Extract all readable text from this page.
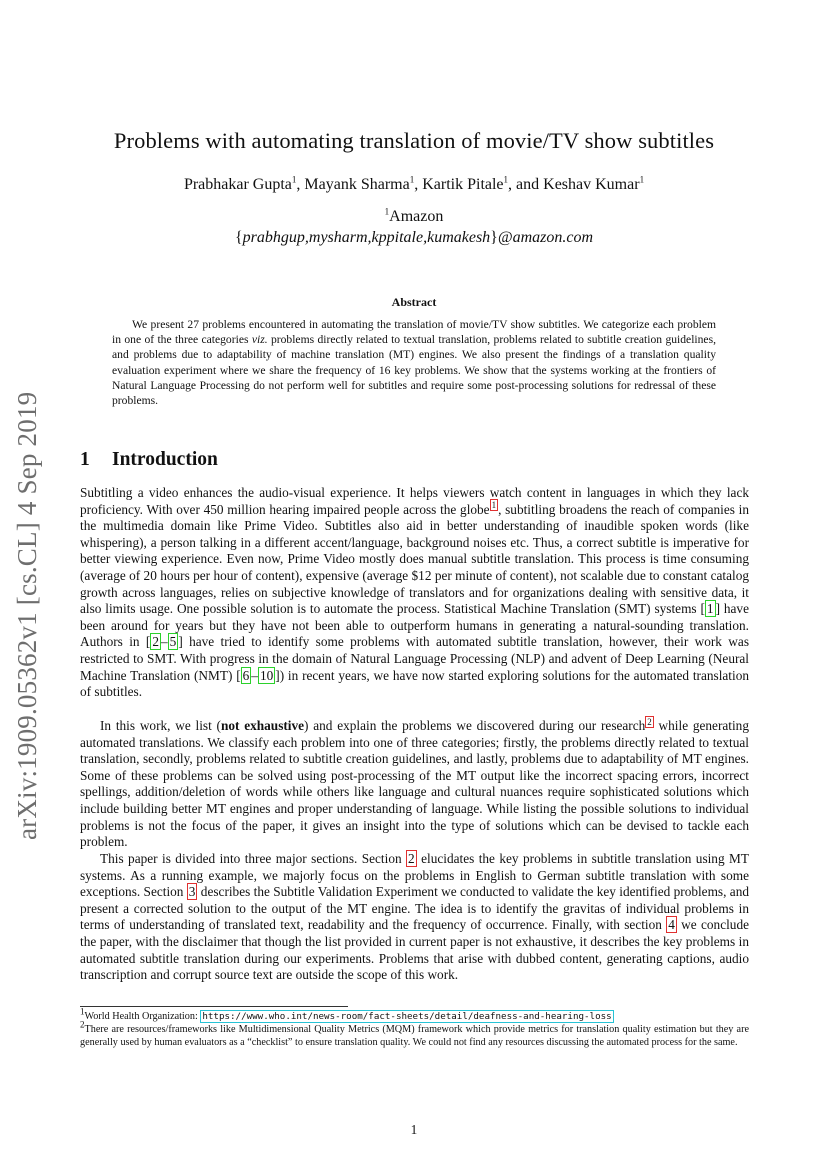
arXiv:1909.05362v1 [cs.CL] 4 Sep 2019
Problems with automating translation of movie/TV show subtitles
Prabhakar Gupta$^1$, Mayank Sharma$^1$, Kartik Pitale$^1$, and Keshav Kumar$^1$
$^1$Amazon
{prabhgup,mysharm,kppitale,kumakesh}@amazon.com
Abstract
We present 27 problems encountered in automating the translation of movie/TV show subtitles. We categorize each problem in one of the three categories viz. problems directly related to textual translation, problems related to subtitle creation guidelines, and problems due to adaptability of machine translation (MT) engines. We also present the findings of a translation quality evaluation experiment where we share the frequency of 16 key problems. We show that the systems working at the frontiers of Natural Language Processing do not perform well for subtitles and require some post-processing solutions for redressal of these problems.
1 Introduction
Subtitling a video enhances the audio-visual experience. It helps viewers watch content in languages in which they lack proficiency. With over 450 million hearing impaired people across the globe $^1$ , subtitling broadens the reach of companies in the multimedia domain like Prime Video. Subtitles also aid in better understanding of inaudible spoken words (like whispering), a person talking in a different accent/language, background noises etc. Thus, a correct subtitle is imperative for better viewing experience. Even now, Prime Video mostly does manual subtitle translation. This process is time consuming (average of 20 hours per hour of content), expensive (average $12 per minute of content), not scalable due to constant catalog growth across languages, relies on subjective knowledge of translators and for organizations dealing with sensitive data, it also limits usage. One possible solution is to automate the process. Statistical Machine Translation (SMT) systems [ 1 ] have been around for years but they have not been able to outperform humans in generating a natural-sounding translation. Authors in [ 2 – 5 ] have tried to identify some problems with automated subtitle translation, however, their work was restricted to SMT. With progress in the domain of Natural Language Processing (NLP) and advent of Deep Learning (Neural Machine Translation (NMT) [ 6 – 10 ]) in recent years, we have now started exploring solutions for the automated translation of subtitles.
In this work, we list (not exhaustive) and explain the problems we discovered during our research $^2$ while generating automated translations. We classify each problem into one of three categories; firstly, the problems directly related to textual translation, secondly, problems related to subtitle creation guidelines, and lastly, problems due to adaptability of MT engines. Some of these problems can be solved using post-processing of the MT output like the incorrect spacing errors, incorrect spellings, addition/deletion of words while others like language and cultural nuances require sophisticated solutions which include building better MT engines and proper understanding of language. While listing the possible solutions to individual problems is not the focus of the paper, it gives an insight into the type of solutions which can be devised to tackle each problem.
This paper is divided into three major sections. Section 2 elucidates the key problems in subtitle translation using MT systems. As a running example, we majorly focus on the problems in English to German subtitle translation with some exceptions. Section 3 describes the Subtitle Validation Experiment we conducted to validate the key identified problems, and present a corrected solution to the output of the MT engine. The idea is to identify the gravitas of individual problems in terms of understanding of translated text, readability and the frequency of occurrence. Finally, with section 4 we conclude the paper, with the disclaimer that though the list provided in current paper is not exhaustive, it describes the key problems in automated subtitle translation during our experiments. Problems that arise with dubbed content, generating captions, audio transcription and corrupt source text are outside the scope of this work.
1World Health Organization: https://www.who.int/news-room/fact-sheets/detail/deafness-and-hearing-loss
2There are resources/frameworks like Multidimensional Quality Metrics (MQM) framework which provide metrics for translation quality estimation but they are generally used by human evaluators as a “checklist” to ensure translation quality. We could not find any resources discussing the automated process for the same.
1
